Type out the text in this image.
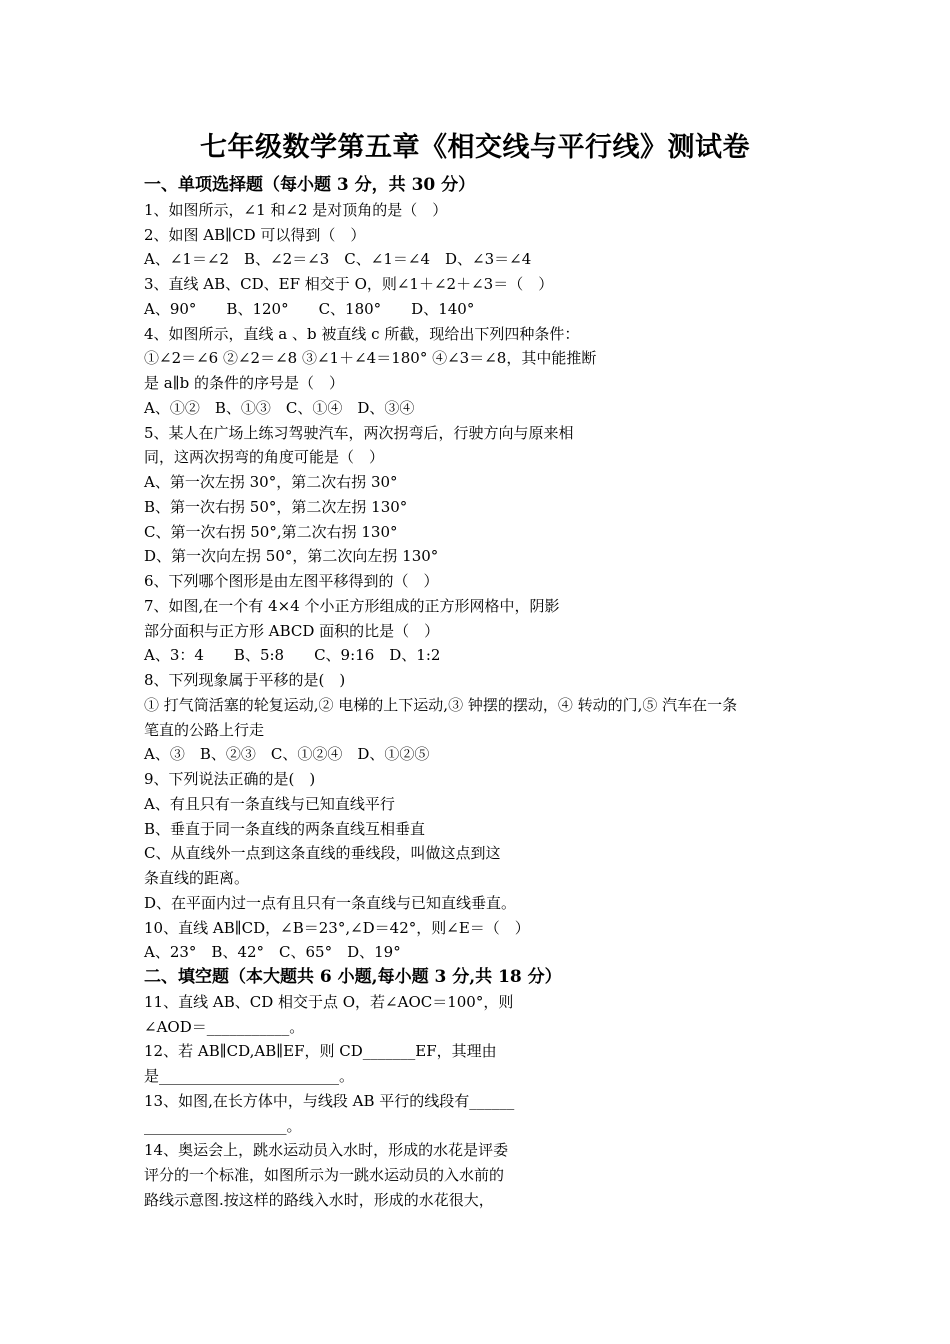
七年级数学第五章《相交线与平行线》测试卷
一、单项选择题（每小题 3 分，共 30 分）
1、如图所示，∠1 和∠2 是对顶角的是（　）
2、如图 AB∥CD 可以得到（　）
A、∠1＝∠2　B、∠2＝∠3　C、∠1＝∠4　D、∠3＝∠4
3、直线 AB、CD、EF 相交于 O，则∠1＋∠2＋∠3＝（　）
A、90°　　B、120°　　C、180°　　D、140°
4、如图所示，直线 a 、b 被直线 c 所截，现给出下列四种条件：
①∠2＝∠6 ②∠2＝∠8 ③∠1＋∠4＝180° ④∠3＝∠8，其中能推断
是 a∥b 的条件的序号是（　）
A、①②　B、①③　C、①④　D、③④
5、某人在广场上练习驾驶汽车，两次拐弯后，行驶方向与原来相
同，这两次拐弯的角度可能是（　）
A、第一次左拐 30°，第二次右拐 30°
B、第一次右拐 50°，第二次左拐 130°
C、第一次右拐 50°,第二次右拐 130°
D、第一次向左拐 50°，第二次向左拐 130°
6、下列哪个图形是由左图平移得到的（　）
7、如图,在一个有 4×4 个小正方形组成的正方形网格中，阴影
部分面积与正方形 ABCD 面积的比是（　）
A、3：4　　B、5:8　　C、9:16　D、1:2
8、下列现象属于平移的是(　)
① 打气筒活塞的轮复运动,② 电梯的上下运动,③ 钟摆的摆动，④ 转动的门,⑤ 汽车在一条
笔直的公路上行走
A、③　B、②③　C、①②④　D、①②⑤
9、下列说法正确的是(　)
A、有且只有一条直线与已知直线平行
B、垂直于同一条直线的两条直线互相垂直
C、从直线外一点到这条直线的垂线段，叫做这点到这
条直线的距离。
D、在平面内过一点有且只有一条直线与已知直线垂直。
10、直线 AB∥CD，∠B＝23°,∠D＝42°，则∠E＝（　）
A、23°　B、42°　C、65°　D、19°
二、填空题（本大题共 6 小题,每小题 3 分,共 18 分）
11、直线 AB、CD 相交于点 O，若∠AOC＝100°，则
∠AOD＝___________。
12、若 AB∥CD,AB∥EF，则 CD_______EF，其理由
是________________________。
13、如图,在长方体中，与线段 AB 平行的线段有______
___________________。
14、奥运会上，跳水运动员入水时，形成的水花是评委
评分的一个标准，如图所示为一跳水运动员的入水前的
路线示意图.按这样的路线入水时，形成的水花很大，
